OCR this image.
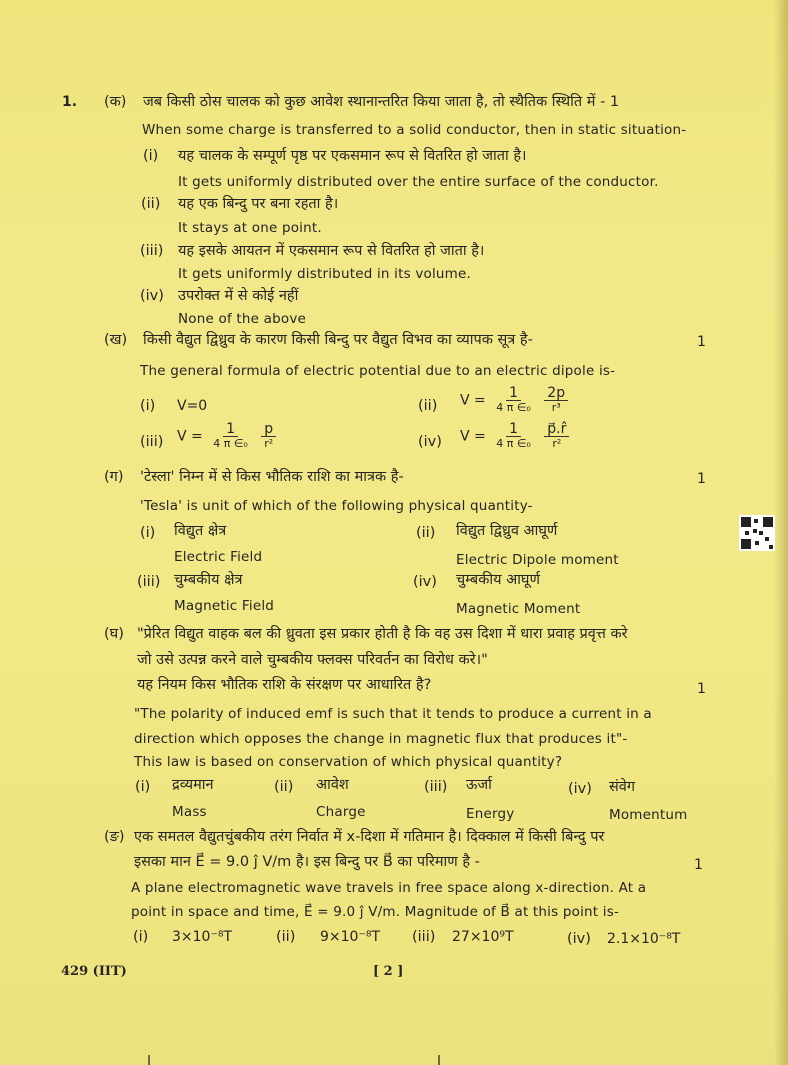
1. (क) जब किसी ठोस चालक को कुछ आवेश स्थानान्तरित किया जाता है, तो स्थैतिक स्थिति में - 1
When some charge is transferred to a solid conductor, then in static situation-
(i) यह चालक के सम्पूर्ण पृष्ठ पर एकसमान रूप से वितरित हो जाता है।
It gets uniformly distributed over the entire surface of the conductor.
(ii) यह एक बिन्दु पर बना रहता है।
It stays at one point.
(iii) यह इसके आयतन में एकसमान रूप से वितरित हो जाता है।
It gets uniformly distributed in its volume.
(iv) उपरोक्त में से कोई नहीं
None of the above
(ख) किसी वैद्युत द्विध्रुव के कारण किसी बिन्दु पर वैद्युत विभव का व्यापक सूत्र है-	1
The general formula of electric potential due to an electric dipole is-
(i) V=0	(ii) $V = \frac{1}{\text{4 π ∈₀}}$
$\frac{2p}{\text{r³}}$
(iii) $V = \frac{1}{\text{4 π ∈₀}}$
$\frac{p}{\text{r²}}$	(iv) $V = \frac{1}{\text{4 π ∈₀}}$
$\frac{p⃗.r̂}{\text{r²}}$
(ग) 'टेस्ला' निम्न में से किस भौतिक राशि का मात्रक है-	1
'Tesla' is unit of which of the following physical quantity-
(i) विद्युत क्षेत्र
Electric Field
(ii) विद्युत द्विध्रुव आघूर्ण
Electric Dipole moment
(iii) चुम्बकीय क्षेत्र
Magnetic Field
(iv) चुम्बकीय आघूर्ण
Magnetic Moment
(घ) "प्रेरित विद्युत वाहक बल की ध्रुवता इस प्रकार होती है कि वह उस दिशा में धारा प्रवाह प्रवृत्त करे
जो उसे उत्पन्न करने वाले चुम्बकीय फ्लक्स परिवर्तन का विरोध करे।"
यह नियम किस भौतिक राशि के संरक्षण पर आधारित है?	1
"The polarity of induced emf is such that it tends to produce a current in a
direction which opposes the change in magnetic flux that produces it"-
This law is based on conservation of which physical quantity?
(i) द्रव्यमान
Mass
(ii) आवेश
Charge
(iii) ऊर्जा
Energy
(iv) संवेग
Momentum
(ङ) एक समतल वैद्युतचुंबकीय तरंग निर्वात में x-दिशा में गतिमान है। दिक्काल में किसी बिन्दु पर
इसका मान E⃗ = 9.0 ĵ V/m है। इस बिन्दु पर B⃗ का परिमाण है -	1
A plane electromagnetic wave travels in free space along x-direction. At a
point in space and time, E⃗ = 9.0 ĵ V/m. Magnitude of B⃗ at this point is-
(i) 3×10⁻⁸T	(ii) 9×10⁻⁸T (iii) 27×10⁹T	(iv) 2.1×10⁻⁸T
429 (IIT)	[ 2 ]
